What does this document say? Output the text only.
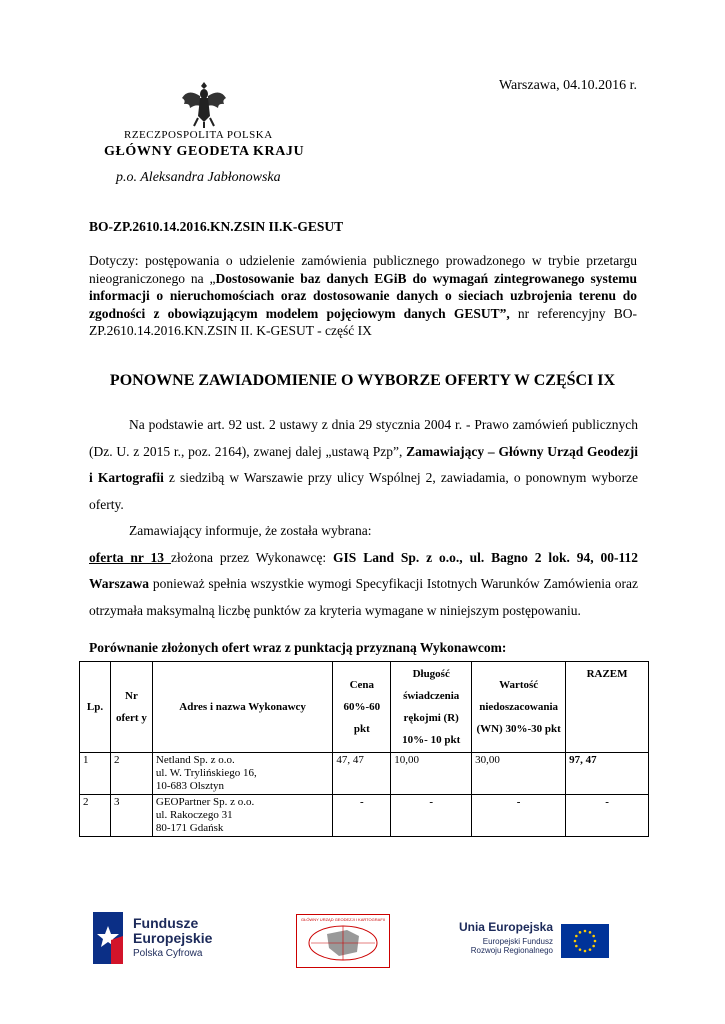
Warszawa, 04.10.2016 r.
RZECZPOSPOLITA POLSKA
GŁÓWNY GEODETA KRAJU
p.o. Aleksandra Jabłonowska
BO-ZP.2610.14.2016.KN.ZSIN II.K-GESUT
Dotyczy: postępowania o udzielenie zamówienia publicznego prowadzonego w trybie przetargu nieograniczonego na „Dostosowanie baz danych EGiB do wymagań zintegrowanego systemu informacji o nieruchomościach oraz dostosowanie danych o sieciach uzbrojenia terenu do zgodności z obowiązującym modelem pojęciowym danych GESUT”, nr referencyjny BO-ZP.2610.14.2016.KN.ZSIN II. K-GESUT - część IX
PONOWNE ZAWIADOMIENIE O WYBORZE OFERTY W CZĘŚCI IX

Na podstawie art. 92 ust. 2 ustawy z dnia 29 stycznia 2004 r. - Prawo zamówień publicznych (Dz. U. z 2015 r., poz. 2164), zwanej dalej „ustawą Pzp”, Zamawiający – Główny Urząd Geodezji i Kartografii z siedzibą w Warszawie przy ulicy Wspólnej 2, zawiadamia, o ponownym wyborze oferty.

Zamawiający informuje, że została wybrana:

oferta nr 13 złożona przez Wykonawcę: GIS Land Sp. z o.o., ul. Bagno 2 lok. 94, 00-112 Warszawa ponieważ spełnia wszystkie wymogi Specyfikacji Istotnych Warunków Zamówienia oraz otrzymała maksymalną liczbę punktów za kryteria wymagane w niniejszym postępowaniu.

Porównanie złożonych ofert wraz z punktacją przyznaną Wykonawcom:
Lp.	Nr ofert y	Adres i nazwa Wykonawcy	Cena 60%-60 pkt	Długość świadczenia rękojmi (R) 10%- 10 pkt	Wartość niedoszacowania (WN) 30%-30 pkt	RAZEM
1	2	Netland Sp. z o.o.
ul. W. Trylińskiego 16,
10-683 Olsztyn	47, 47	10,00	30,00	97, 47
2	3	GEOPartner Sp. z o.o.
ul. Rakoczego 31
80-171 Gdańsk	-	-	-	-
Fundusze
Europejskie
Polska Cyfrowa
GŁÓWNY URZĄD GEODEZJI I KARTOGRAFII
Unia Europejska
Europejski Fundusz
Rozwoju Regionalnego
